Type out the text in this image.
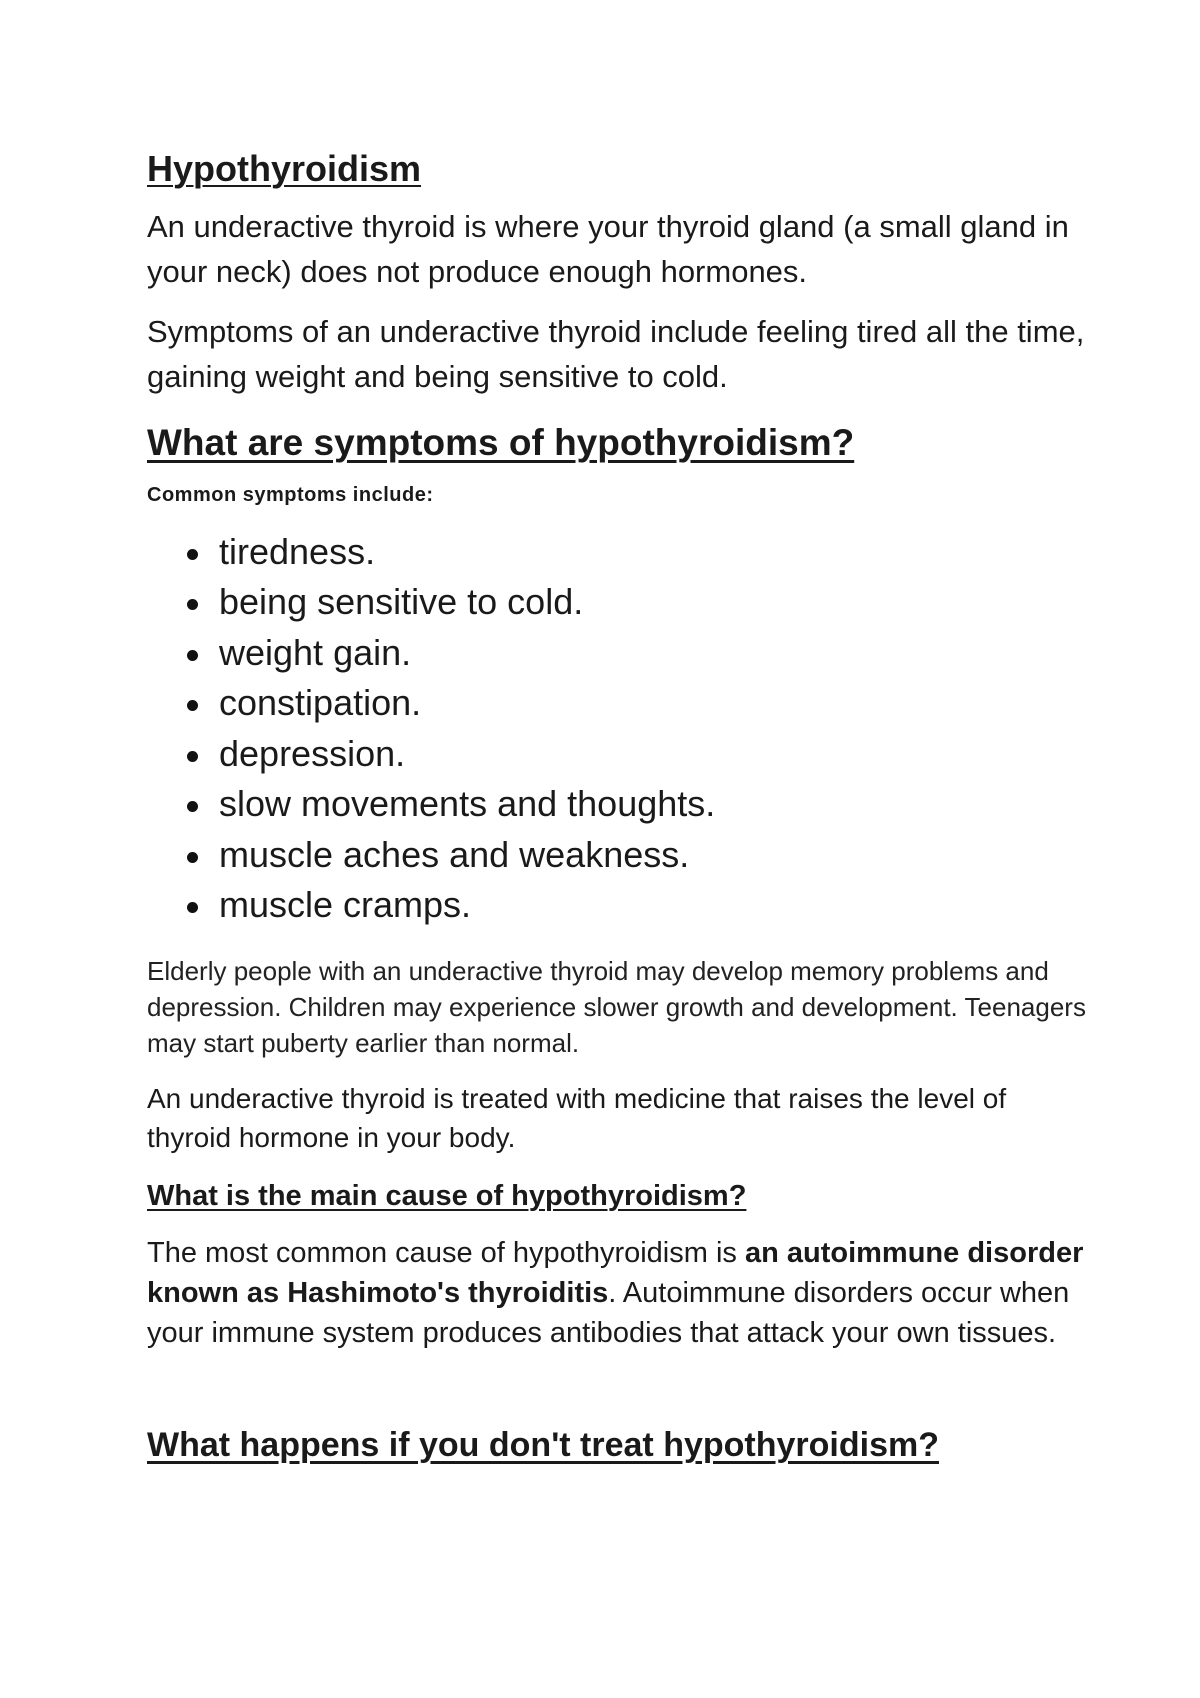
Hypothyroidism

An underactive thyroid is where your thyroid gland (a small gland in your neck) does not produce enough hormones.

Symptoms of an underactive thyroid include feeling tired all the time, gaining weight and being sensitive to cold.

What are symptoms of hypothyroidism?

Common symptoms include:

tiredness.
being sensitive to cold.
weight gain.
constipation.
depression.
slow movements and thoughts.
muscle aches and weakness.
muscle cramps.

Elderly people with an underactive thyroid may develop memory problems and depression. Children may experience slower growth and development. Teenagers may start puberty earlier than normal.

An underactive thyroid is treated with medicine that raises the level of thyroid hormone in your body.

What is the main cause of hypothyroidism?

The most common cause of hypothyroidism is an autoimmune disorder known as Hashimoto's thyroiditis. Autoimmune disorders occur when your immune system produces antibodies that attack your own tissues.

What happens if you don't treat hypothyroidism?
